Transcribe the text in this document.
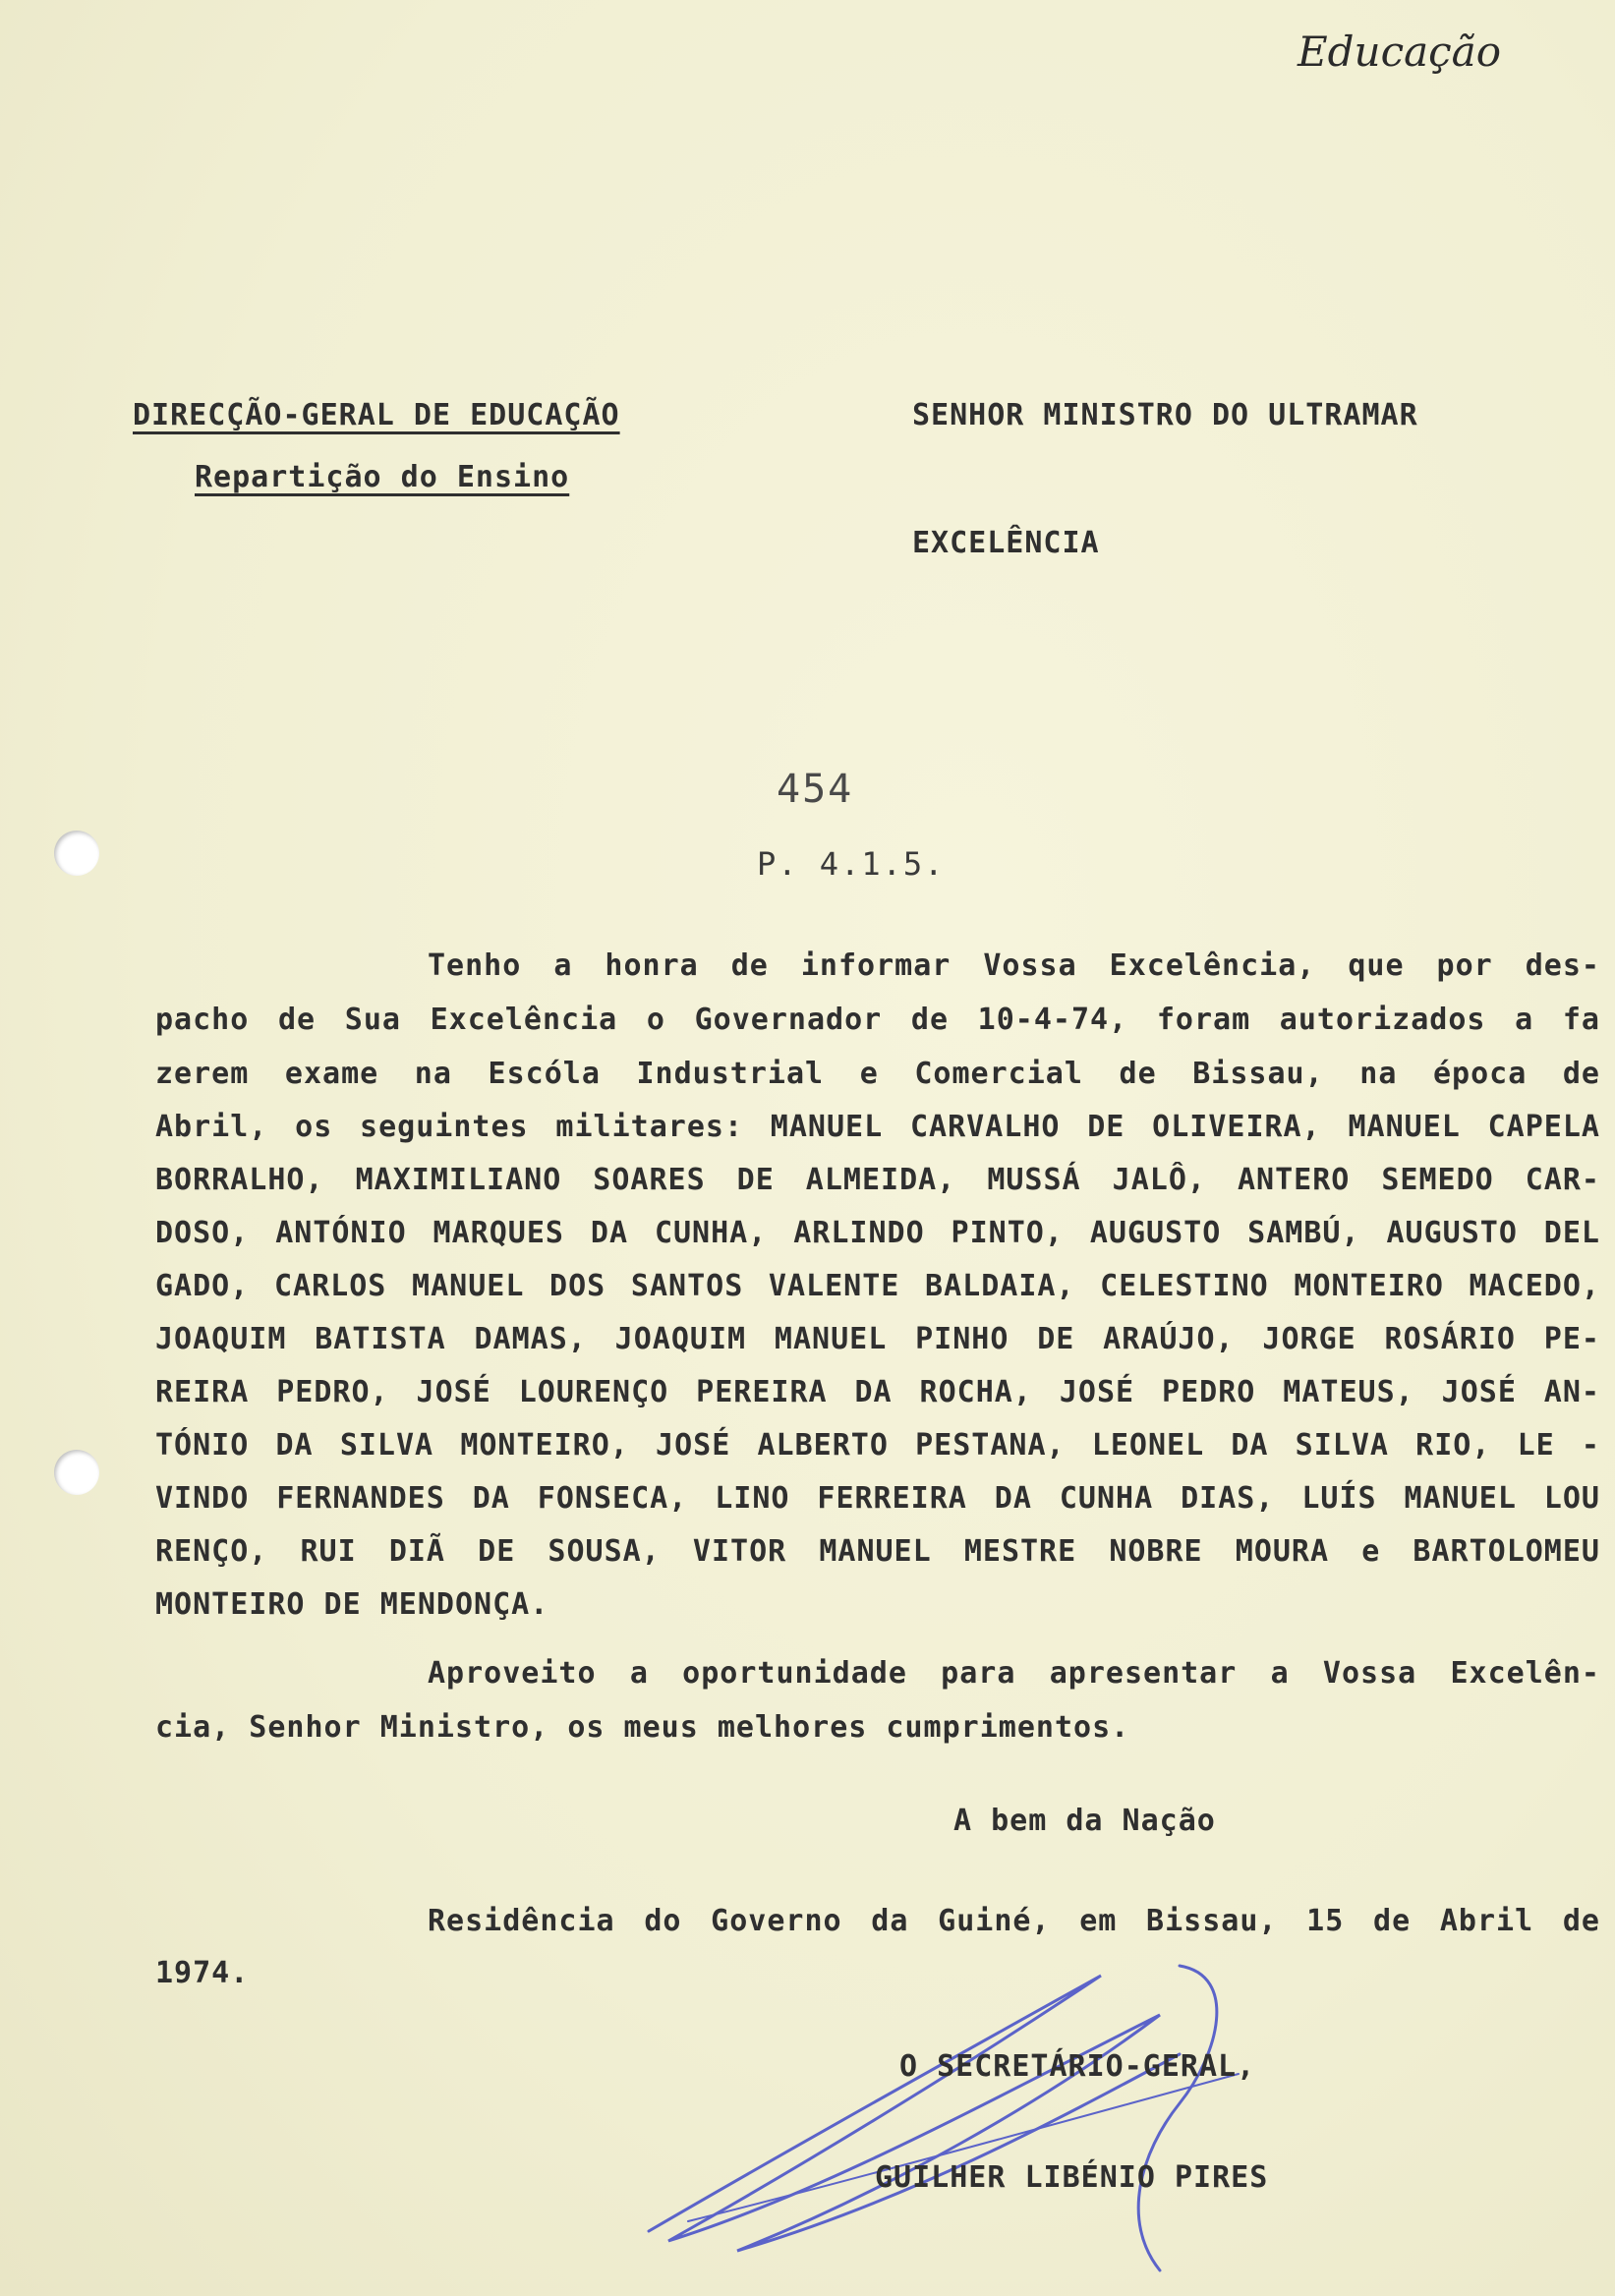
Educação
DIRECÇÃO-GERAL DE EDUCAÇÃO
Repartição do Ensino
SENHOR MINISTRO DO ULTRAMAR
EXCELÊNCIA
454
P. 4.1.5.
Tenho a honra de informar Vossa Excelência, que por des-
pacho de Sua Excelência o Governador de 10-4-74, foram autorizados a fa
zerem exame na Escóla Industrial e Comercial de Bissau, na época de
Abril, os seguintes militares: MANUEL CARVALHO DE OLIVEIRA, MANUEL CAPELA
BORRALHO, MAXIMILIANO SOARES DE ALMEIDA, MUSSÁ JALÔ, ANTERO SEMEDO CAR-
DOSO, ANTÓNIO MARQUES DA CUNHA, ARLINDO PINTO, AUGUSTO SAMBÚ, AUGUSTO DEL
GADO, CARLOS MANUEL DOS SANTOS VALENTE BALDAIA, CELESTINO MONTEIRO MACEDO,
JOAQUIM BATISTA DAMAS, JOAQUIM MANUEL PINHO DE ARAÚJO, JORGE ROSÁRIO PE-
REIRA PEDRO, JOSÉ LOURENÇO PEREIRA DA ROCHA, JOSÉ PEDRO MATEUS, JOSÉ AN-
TÓNIO DA SILVA MONTEIRO, JOSÉ ALBERTO PESTANA, LEONEL DA SILVA RIO, LE -
VINDO FERNANDES DA FONSECA, LINO FERREIRA DA CUNHA DIAS, LUÍS MANUEL LOU
RENÇO, RUI DIÃ DE SOUSA, VITOR MANUEL MESTRE NOBRE MOURA e BARTOLOMEU
MONTEIRO DE MENDONÇA.
Aproveito a oportunidade para apresentar a Vossa Excelên-
cia, Senhor Ministro, os meus melhores cumprimentos.
A bem da Nação
Residência do Governo da Guiné, em Bissau, 15 de Abril de
1974.
O SECRETÁRIO-GERAL,
GUILHER LIBÉNIO PIRES
